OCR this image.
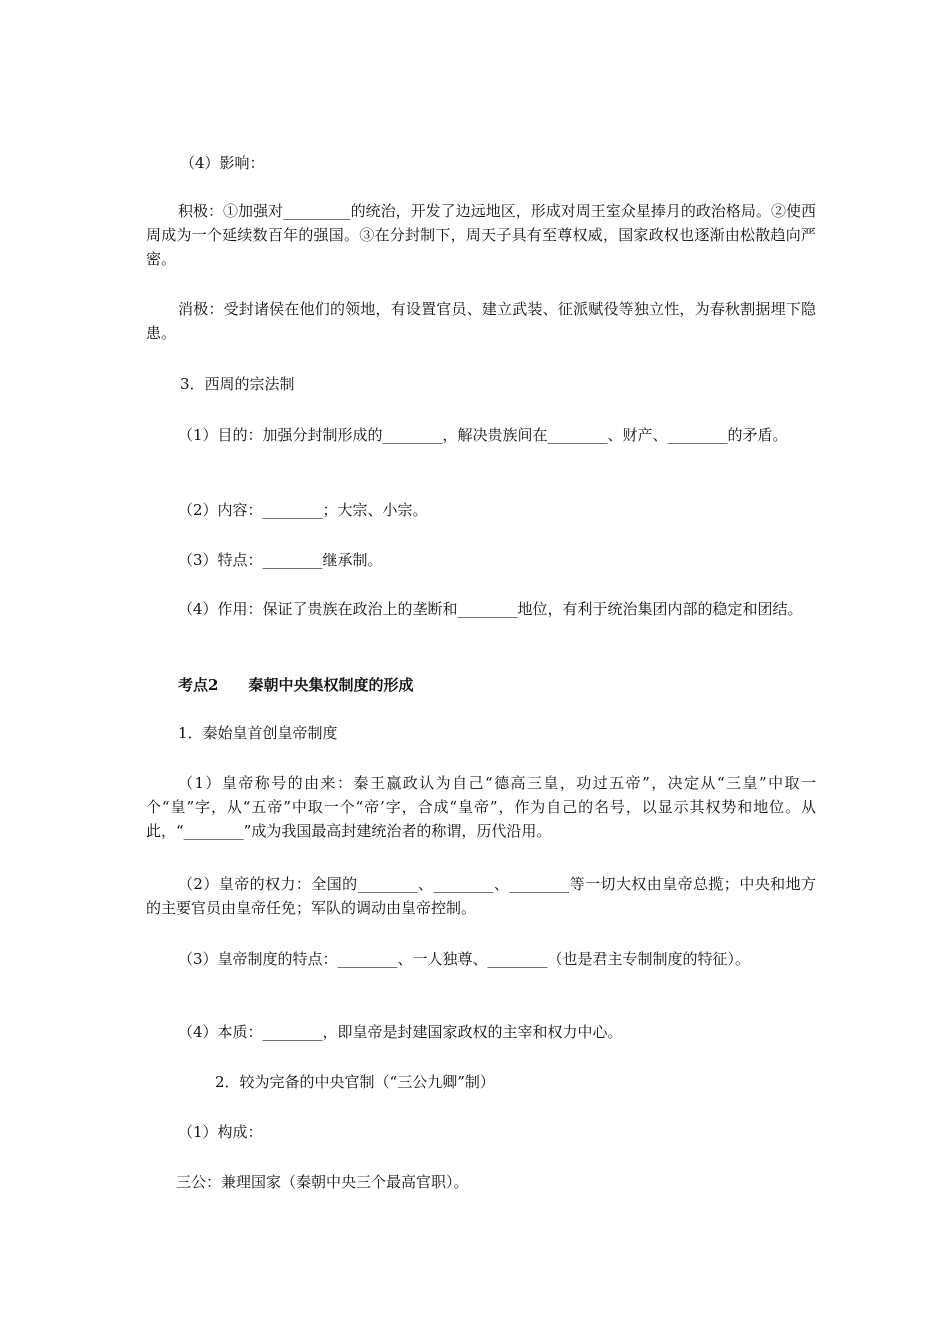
（4）影响：
积极：①加强对_________的统治，开发了边远地区，形成对周王室众星捧月的政治格局。②使西周成为一个延续数百年的强国。③在分封制下，周天子具有至尊权威，国家政权也逐渐由松散趋向严密。
消极：受封诸侯在他们的领地，有设置官员、建立武装、征派赋役等独立性，为春秋割据埋下隐患。
3．西周的宗法制
（1）目的：加强分封制形成的________，解决贵族间在________、财产、________的矛盾。
（2）内容：________；大宗、小宗。
（3）特点：________继承制。
（4）作用：保证了贵族在政治上的垄断和________地位，有利于统治集团内部的稳定和团结。
考点2　　秦朝中央集权制度的形成
1．秦始皇首创皇帝制度
（1）皇帝称号的由来：秦王嬴政认为自己“德高三皇，功过五帝”，决定从“三皇”中取一个“皇”字，从“五帝”中取一个“帝’字，合成“皇帝”，作为自己的名号，以显示其权势和地位。从此，“________”成为我国最高封建统治者的称谓，历代沿用。
（2）皇帝的权力：全国的________、________、________等一切大权由皇帝总揽；中央和地方的主要官员由皇帝任免；军队的调动由皇帝控制。
（3）皇帝制度的特点：________、一人独尊、________（也是君主专制制度的特征）。
（4）本质：________，即皇帝是封建国家政权的主宰和权力中心。
2．较为完备的中央官制（“三公九卿”制）
（1）构成：
三公：兼理国家（秦朝中央三个最高官职）。
